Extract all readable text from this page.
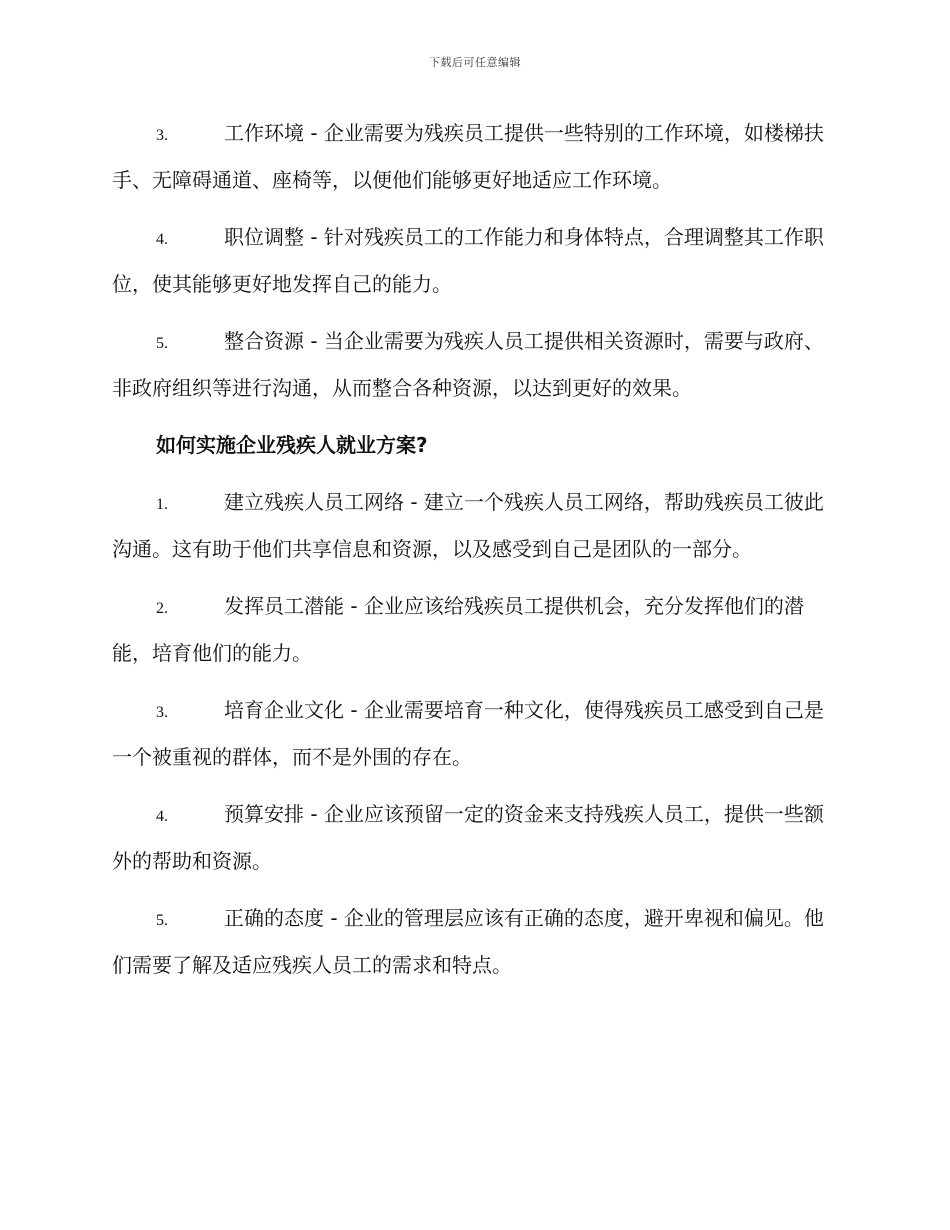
下载后可任意编辑

3.	工作环境 - 企业需要为残疾员工提供一些特别的工作环境，如楼梯扶手、无障碍通道、座椅等，以便他们能够更好地适应工作环境。

4.	职位调整 - 针对残疾员工的工作能力和身体特点，合理调整其工作职位，使其能够更好地发挥自己的能力。

5.	整合资源 - 当企业需要为残疾人员工提供相关资源时，需要与政府、非政府组织等进行沟通，从而整合各种资源，以达到更好的效果。

如何实施企业残疾人就业方案?

1.	建立残疾人员工网络 - 建立一个残疾人员工网络，帮助残疾员工彼此沟通。这有助于他们共享信息和资源，以及感受到自己是团队的一部分。

2.	发挥员工潜能 - 企业应该给残疾员工提供机会，充分发挥他们的潜能，培育他们的能力。

3.	培育企业文化 - 企业需要培育一种文化，使得残疾员工感受到自己是一个被重视的群体，而不是外围的存在。

4.	预算安排 - 企业应该预留一定的资金来支持残疾人员工，提供一些额外的帮助和资源。

5.	正确的态度 - 企业的管理层应该有正确的态度，避开卑视和偏见。他们需要了解及适应残疾人员工的需求和特点。
